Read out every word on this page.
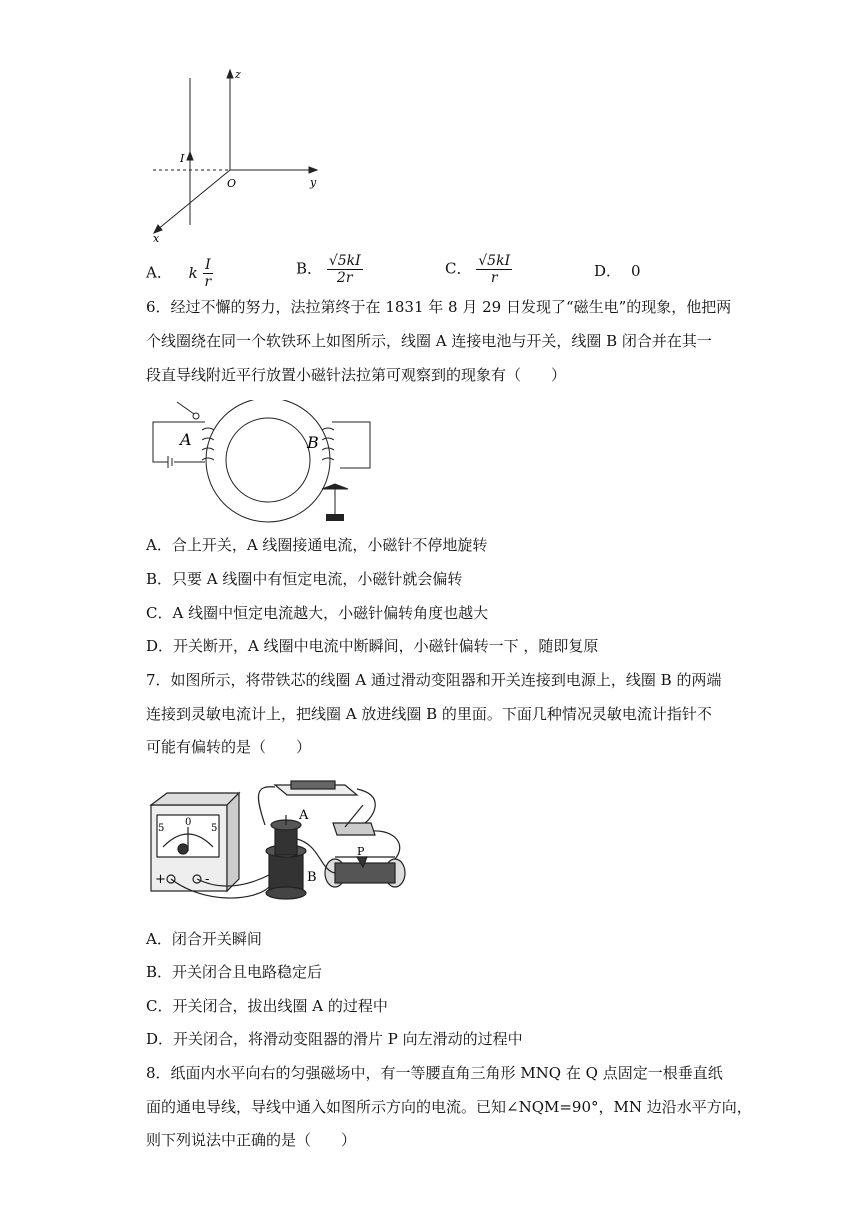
z
y
x
O
I
A． k $\frac{I}{r}$	B． $\frac{√5kI}{2r}$	C． $\frac{√5kI}{r}$	D． 0
6．经过不懈的努力，法拉第终于在 1831 年 8 月 29 日发现了“磁生电”的现象，他把两
个线圈绕在同一个软铁环上如图所示，线圈 A 连接电池与开关，线圈 B 闭合并在其一
段直导线附近平行放置小磁针法拉第可观察到的现象有（　　）
A	B
A．合上开关，A 线圈接通电流，小磁针不停地旋转
B．只要 A 线圈中有恒定电流，小磁针就会偏转
C．A 线圈中恒定电流越大，小磁针偏转角度也越大
D．开关断开，A 线圈中电流中断瞬间，小磁针偏转一下 ，随即复原
7．如图所示，将带铁芯的线圈 A 通过滑动变阻器和开关连接到电源上，线圈 B 的两端
连接到灵敏电流计上，把线圈 A 放进线圈 B 的里面。下面几种情况灵敏电流计指针不
可能有偏转的是（　　）
A
B
P
5
0
5
+	-
A．闭合开关瞬间
B．开关闭合且电路稳定后
C．开关闭合，拔出线圈 A 的过程中
D．开关闭合，将滑动变阻器的滑片 P 向左滑动的过程中
8．纸面内水平向右的匀强磁场中，有一等腰直角三角形 MNQ 在 Q 点固定一根垂直纸
面的通电导线，导线中通入如图所示方向的电流。已知∠NQM=90°，MN 边沿水平方向，
则下列说法中正确的是（　　）
